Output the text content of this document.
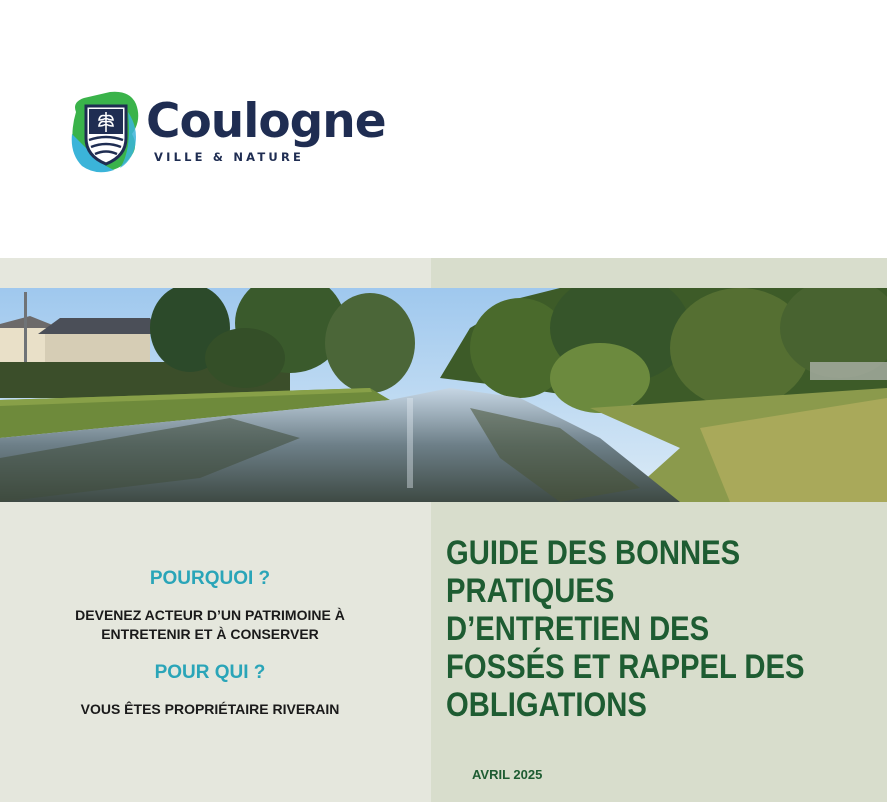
Coulogne
VILLE & NATURE

POURQUOI ?

DEVENEZ ACTEUR D’UN PATRIMOINE À
ENTRETENIR ET À CONSERVER

POUR QUI ?

VOUS ÊTES PROPRIÉTAIRE RIVERAIN

GUIDE DES BONNES
PRATIQUES
D’ENTRETIEN DES
FOSSÉS ET RAPPEL DES
OBLIGATIONS
AVRIL 2025
